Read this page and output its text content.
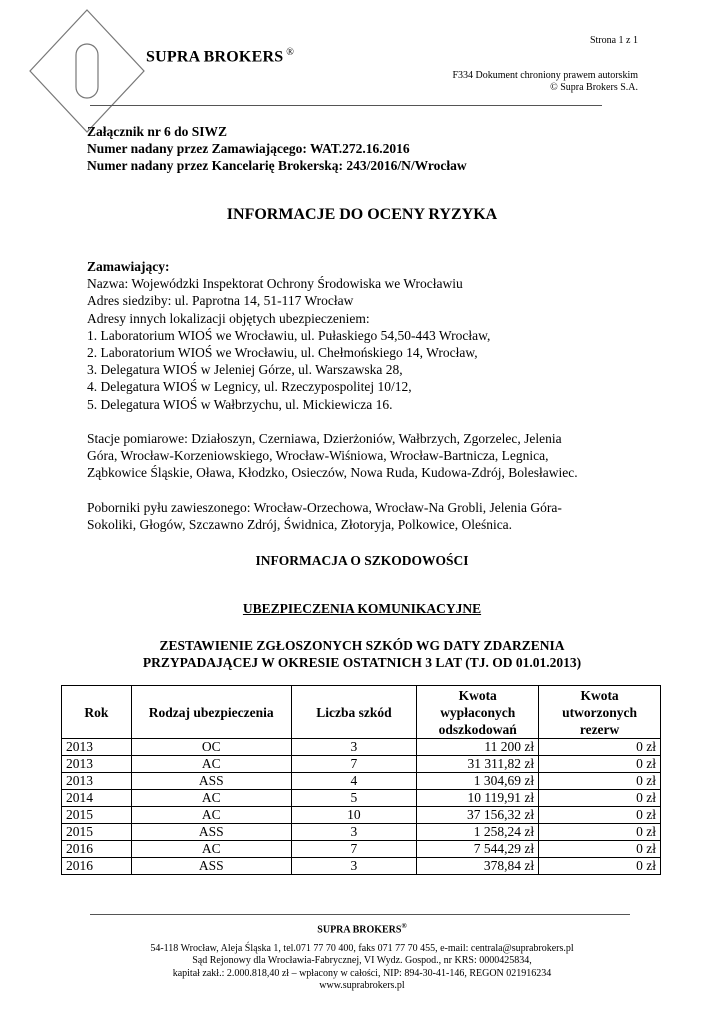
SUPRA BROKERS ®
Strona 1 z 1
F334 Dokument chroniony prawem autorskim
© Supra Brokers S.A.
Załącznik nr 6 do SIWZ
Numer nadany przez Zamawiającego: WAT.272.16.2016
Numer nadany przez Kancelarię Brokerską: 243/2016/N/Wrocław
INFORMACJE DO OCENY RYZYKA

Zamawiający:

Nazwa: Wojewódzki Inspektorat Ochrony Środowiska we Wrocławiu

Adres siedziby: ul. Paprotna 14, 51-117 Wrocław

Adresy innych lokalizacji objętych ubezpieczeniem:

1. Laboratorium WIOŚ we Wrocławiu, ul. Pułaskiego 54,50-443 Wrocław,

2. Laboratorium WIOŚ we Wrocławiu, ul. Chełmońskiego 14, Wrocław,

3. Delegatura WIOŚ w Jeleniej Górze, ul. Warszawska 28,

4. Delegatura WIOŚ w Legnicy, ul. Rzeczypospolitej 10/12,

5. Delegatura WIOŚ w Wałbrzychu, ul. Mickiewicza 16.

Stacje pomiarowe: Działoszyn, Czerniawa, Dzierżoniów, Wałbrzych, Zgorzelec, Jelenia

Góra, Wrocław-Korzeniowskiego, Wrocław-Wiśniowa, Wrocław-Bartnicza, Legnica,

Ząbkowice Śląskie, Oława, Kłodzko, Osieczów, Nowa Ruda, Kudowa-Zdrój, Bolesławiec.

Poborniki pyłu zawieszonego: Wrocław-Orzechowa, Wrocław-Na Grobli, Jelenia Góra-

Sokoliki, Głogów, Szczawno Zdrój, Świdnica, Złotoryja, Polkowice, Oleśnica.

INFORMACJA O SZKODOWOŚCI
UBEZPIECZENIA KOMUNIKACYJNE
ZESTAWIENIE ZGŁOSZONYCH SZKÓD WG DATY ZDARZENIA
PRZYPADAJĄCEJ W OKRESIE OSTATNICH 3 LAT (TJ. OD 01.01.2013)
Rok	Rodzaj ubezpieczenia	Liczba szkód	Kwota
wypłaconych
odszkodowań	Kwota
utworzonych
rezerw
2013	OC	3	11 200 zł	0 zł
2013	AC	7	31 311,82 zł	0 zł
2013	ASS	4	1 304,69 zł	0 zł
2014	AC	5	10 119,91 zł	0 zł
2015	AC	10	37 156,32 zł	0 zł
2015	ASS	3	1 258,24 zł	0 zł
2016	AC	7	7 544,29 zł	0 zł
2016	ASS	3	378,84 zł	0 zł
SUPRA BROKERS®
54-118 Wrocław, Aleja Śląska 1, tel.071 77 70 400, faks 071 77 70 455, e-mail: centrala@suprabrokers.pl
Sąd Rejonowy dla Wrocławia-Fabrycznej, VI Wydz. Gospod., nr KRS: 0000425834,
kapitał zakł.: 2.000.818,40 zł – wpłacony w całości, NIP: 894-30-41-146, REGON 021916234
www.suprabrokers.pl
